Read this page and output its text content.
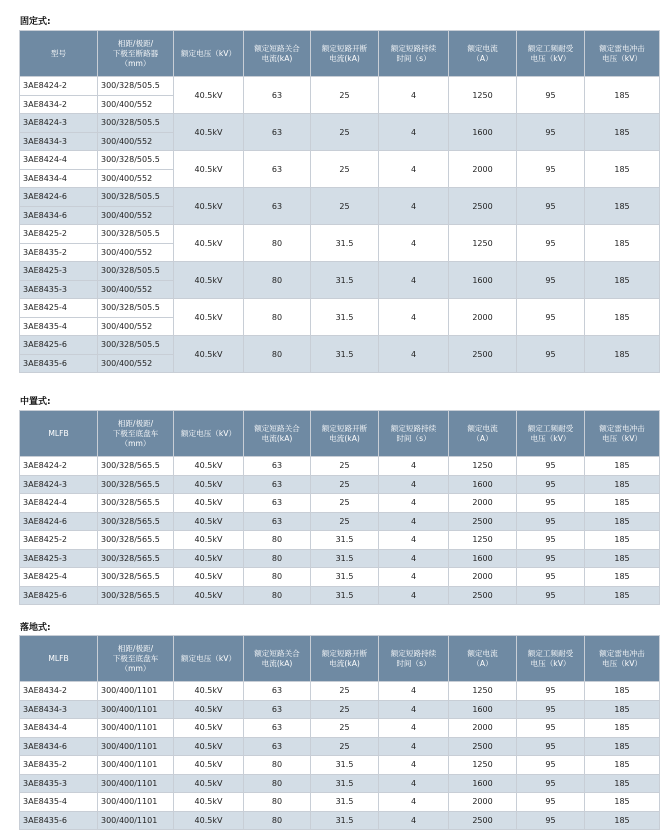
固定式:
型号	相距/极距/
下极至断路器
（mm）	额定电压（kV）	额定短路关合
电流(kA)	额定短路开断
电流(kA)	额定短路持续
时间（s）	额定电流
（A）	额定工频耐受
电压（kV）	额定雷电冲击
电压（kV）
3AE8424-2	300/328/505.5	40.5kV	63	25	4	1250	95	185
3AE8434-2	300/400/552							
3AE8424-3	300/328/505.5	40.5kV	63	25	4	1600	95	185
3AE8434-3	300/400/552							
3AE8424-4	300/328/505.5	40.5kV	63	25	4	2000	95	185
3AE8434-4	300/400/552							
3AE8424-6	300/328/505.5	40.5kV	63	25	4	2500	95	185
3AE8434-6	300/400/552							
3AE8425-2	300/328/505.5	40.5kV	80	31.5	4	1250	95	185
3AE8435-2	300/400/552							
3AE8425-3	300/328/505.5	40.5kV	80	31.5	4	1600	95	185
3AE8435-3	300/400/552							
3AE8425-4	300/328/505.5	40.5kV	80	31.5	4	2000	95	185
3AE8435-4	300/400/552							
3AE8425-6	300/328/505.5	40.5kV	80	31.5	4	2500	95	185
3AE8435-6	300/400/552							
中置式:
MLFB	相距/极距/
下极至底盘车
（mm）	额定电压（kV）	额定短路关合
电流(kA)	额定短路开断
电流(kA)	额定短路持续
时间（s）	额定电流
（A）	额定工频耐受
电压（kV）	额定雷电冲击
电压（kV）
3AE8424-2	300/328/565.5	40.5kV	63	25	4	1250	95	185
3AE8424-3	300/328/565.5	40.5kV	63	25	4	1600	95	185
3AE8424-4	300/328/565.5	40.5kV	63	25	4	2000	95	185
3AE8424-6	300/328/565.5	40.5kV	63	25	4	2500	95	185
3AE8425-2	300/328/565.5	40.5kV	80	31.5	4	1250	95	185
3AE8425-3	300/328/565.5	40.5kV	80	31.5	4	1600	95	185
3AE8425-4	300/328/565.5	40.5kV	80	31.5	4	2000	95	185
3AE8425-6	300/328/565.5	40.5kV	80	31.5	4	2500	95	185
落地式:
MLFB	相距/极距/
下极至底盘车
（mm）	额定电压（kV）	额定短路关合
电流(kA)	额定短路开断
电流(kA)	额定短路持续
时间（s）	额定电流
（A）	额定工频耐受
电压（kV）	额定雷电冲击
电压（kV）
3AE8434-2	300/400/1101	40.5kV	63	25	4	1250	95	185
3AE8434-3	300/400/1101	40.5kV	63	25	4	1600	95	185
3AE8434-4	300/400/1101	40.5kV	63	25	4	2000	95	185
3AE8434-6	300/400/1101	40.5kV	63	25	4	2500	95	185
3AE8435-2	300/400/1101	40.5kV	80	31.5	4	1250	95	185
3AE8435-3	300/400/1101	40.5kV	80	31.5	4	1600	95	185
3AE8435-4	300/400/1101	40.5kV	80	31.5	4	2000	95	185
3AE8435-6	300/400/1101	40.5kV	80	31.5	4	2500	95	185
